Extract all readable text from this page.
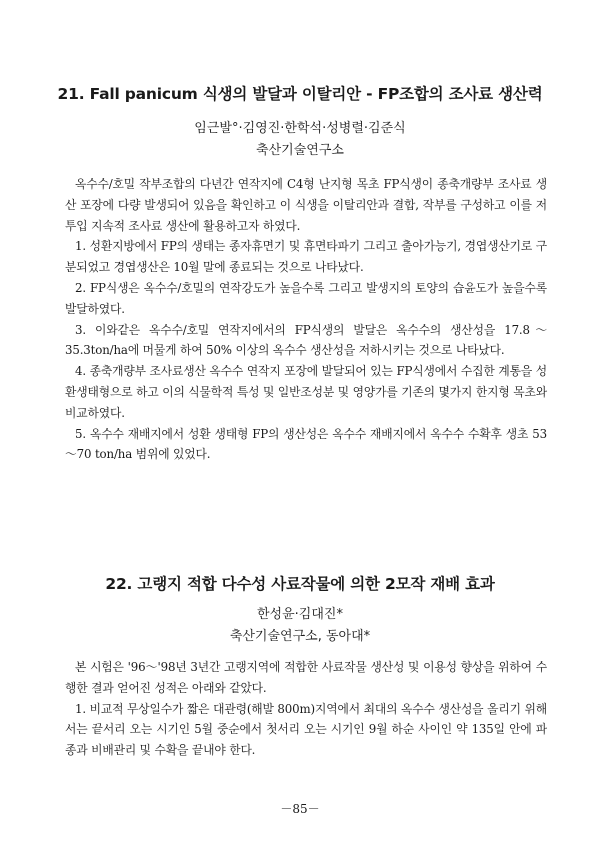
21. Fall panicum 식생의 발달과 이탈리안 - FP조합의 조사료 생산력
임근발°·김영진·한학석·성병렬·김준식
축산기술연구소

옥수수/호밀 작부조합의 다년간 연작지에 C4형 난지형 목초 FP식생이 종축개량부 조사료 생산 포장에 다량 발생되어 있음을 확인하고 이 식생을 이탈리안과 결합, 작부를 구성하고 이를 저투입 지속적 조사료 생산에 활용하고자 하였다.

1. 성환지방에서 FP의 생태는 종자휴면기 및 휴면타파기 그리고 출아가능기, 경엽생산기로 구분되었고 경엽생산은 10월 말에 종료되는 것으로 나타났다.

2. FP식생은 옥수수/호밀의 연작강도가 높을수록 그리고 발생지의 토양의 습윤도가 높을수록 발달하였다.

3. 이와같은 옥수수/호밀 연작지에서의 FP식생의 발달은 옥수수의 생산성을 17.8～35.3ton/ha에 머물게 하여 50% 이상의 옥수수 생산성을 저하시키는 것으로 나타났다.

4. 종축개량부 조사료생산 옥수수 연작지 포장에 발달되어 있는 FP식생에서 수집한 계통을 성환생태형으로 하고 이의 식물학적 특성 및 일반조성분 및 영양가를 기존의 몇가지 한지형 목초와 비교하였다.

5. 옥수수 재배지에서 성환 생태형 FP의 생산성은 옥수수 재배지에서 옥수수 수확후 생초 53～70 ton/ha 범위에 있었다.

22. 고랭지 적합 다수성 사료작물에 의한 2모작 재배 효과
한성윤·김대진*
축산기술연구소, 동아대*

본 시험은 '96～'98년 3년간 고랭지역에 적합한 사료작물 생산성 및 이용성 향상을 위하여 수행한 결과 얻어진 성적은 아래와 같았다.

1. 비교적 무상일수가 짧은 대관령(해발 800m)지역에서 최대의 옥수수 생산성을 올리기 위해서는 끝서리 오는 시기인 5월 중순에서 첫서리 오는 시기인 9월 하순 사이인 약 135일 안에 파종과 비배관리 및 수확을 끝내야 한다.

－85－
